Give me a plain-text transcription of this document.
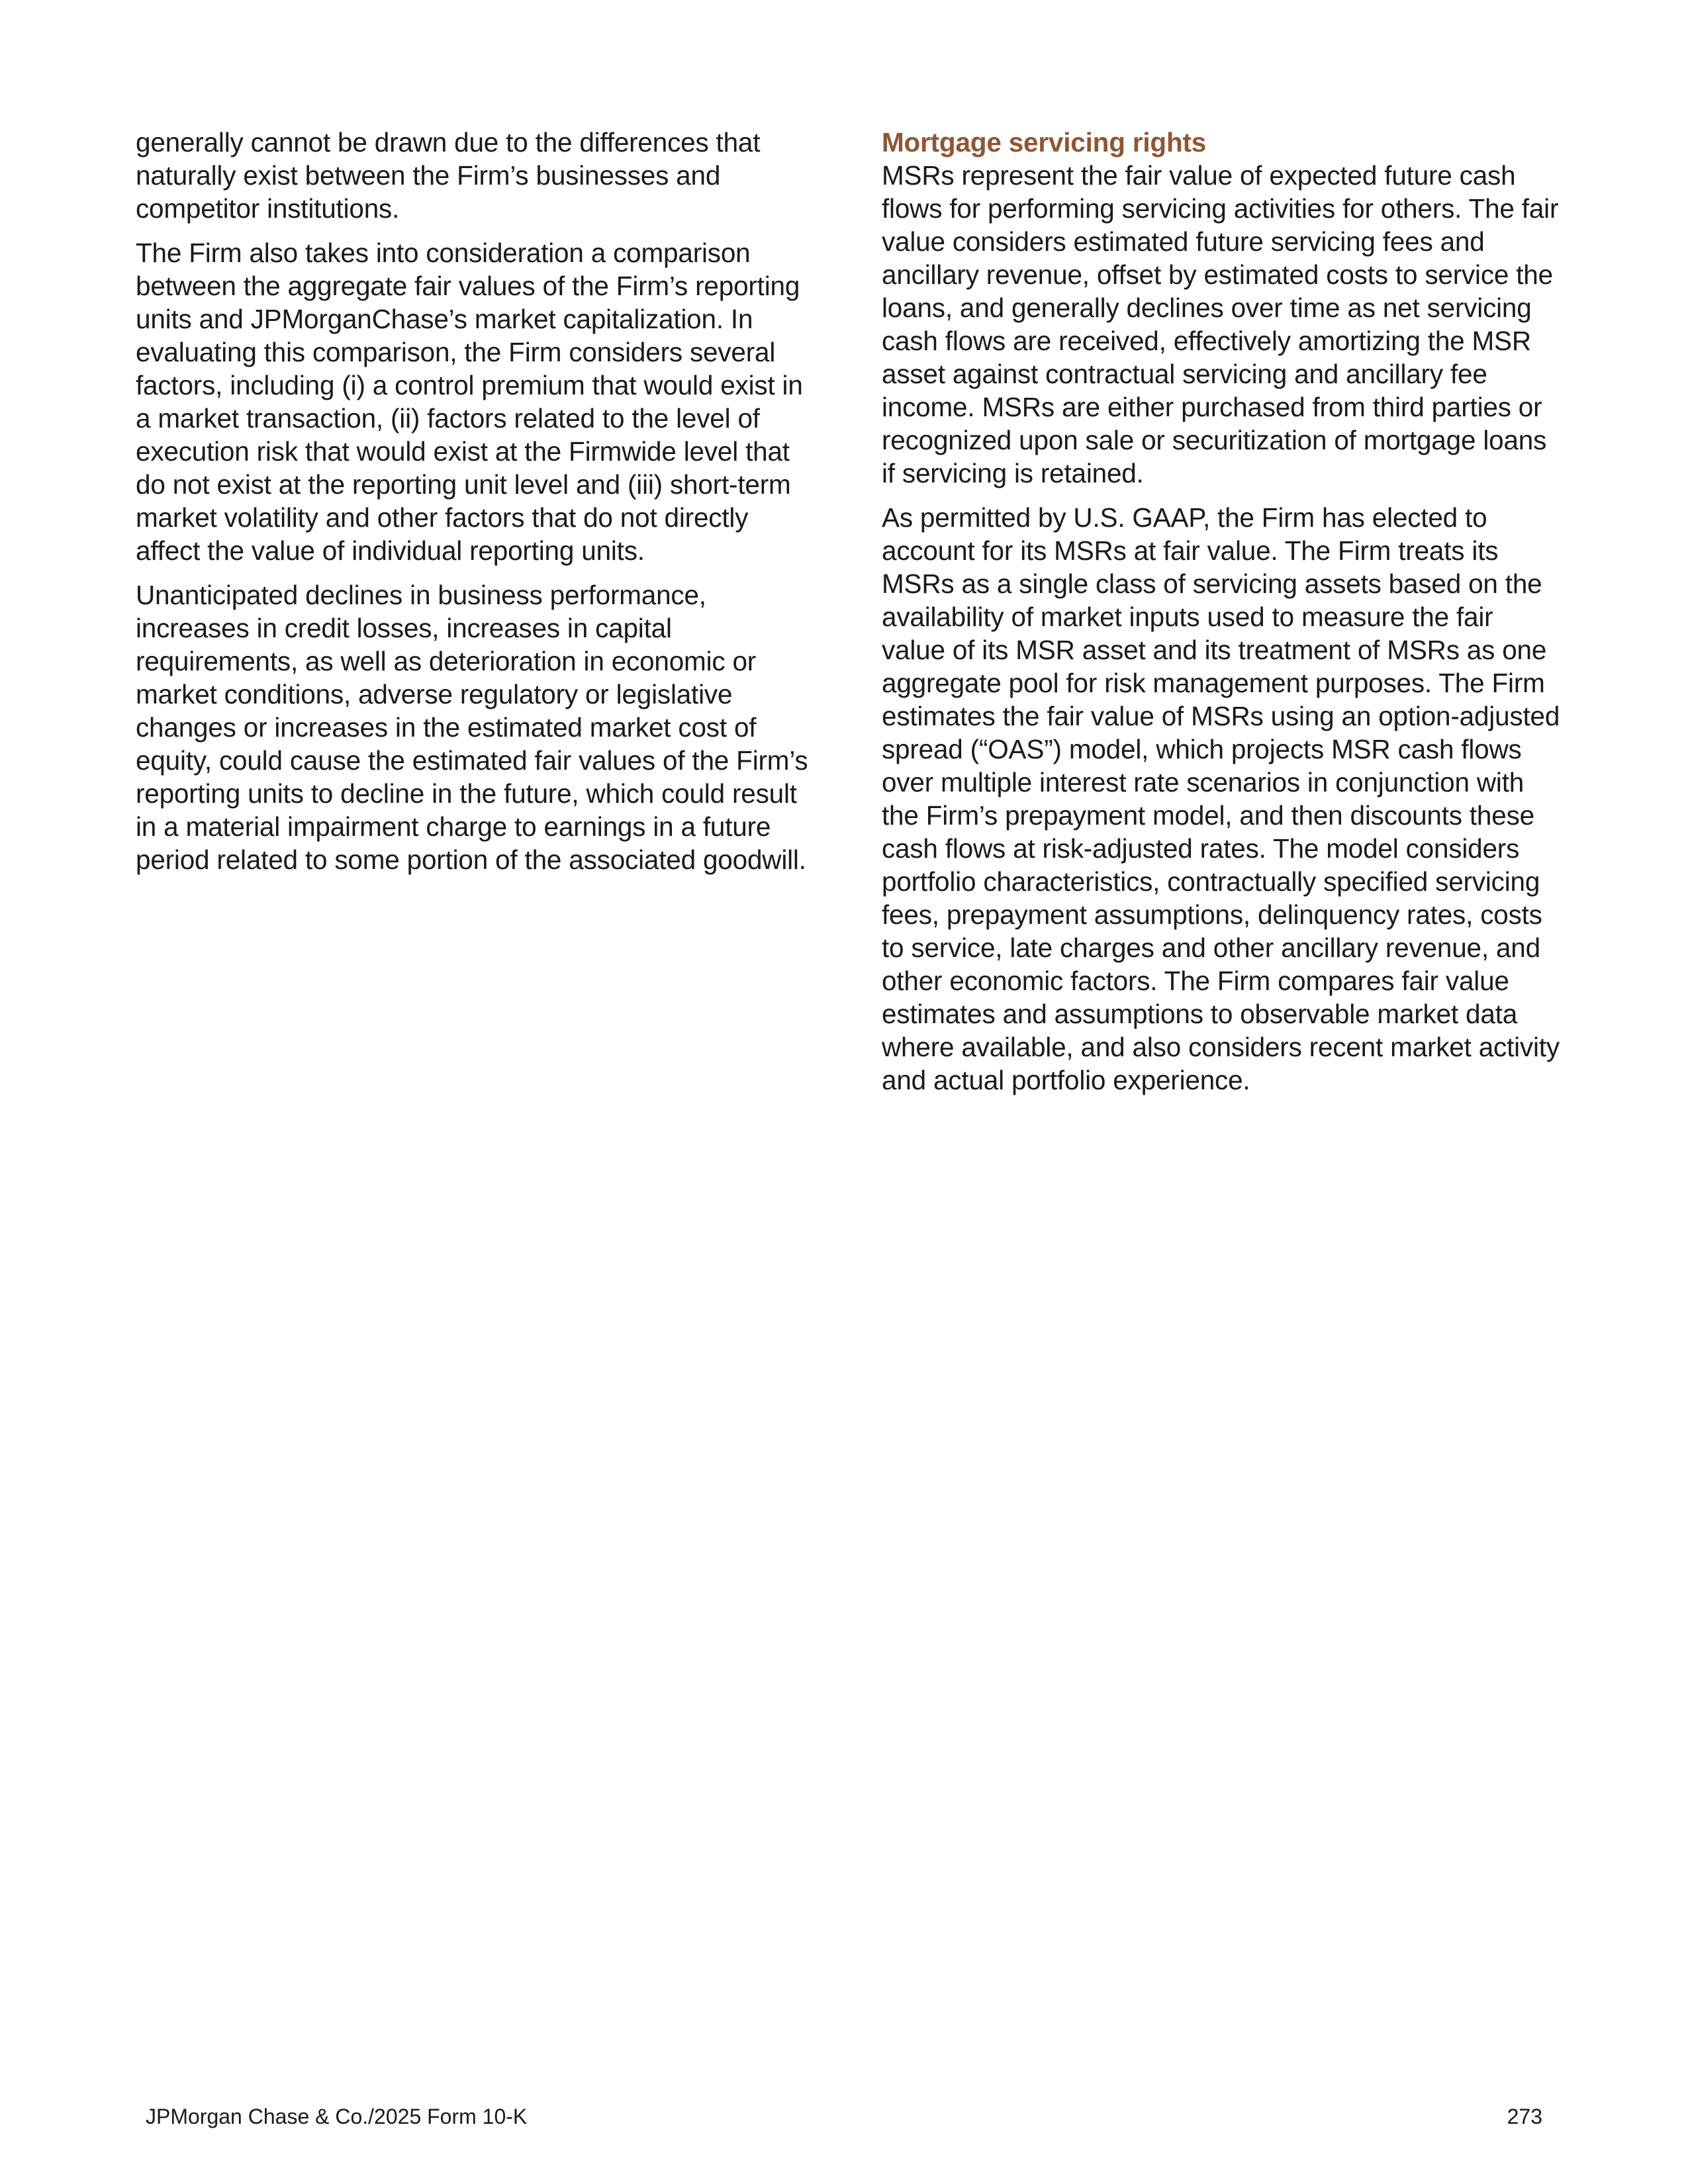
generally cannot be drawn due to the differences that naturally exist between the Firm’s businesses and competitor institutions.

The Firm also takes into consideration a comparison between the aggregate fair values of the Firm’s reporting units and JPMorganChase’s market capitalization. In evaluating this comparison, the Firm considers several factors, including (i) a control premium that would exist in a market transaction, (ii) factors related to the level of execution risk that would exist at the Firmwide level that do not exist at the reporting unit level and (iii) short-term market volatility and other factors that do not directly affect the value of individual reporting units.

Unanticipated declines in business performance, increases in credit losses, increases in capital requirements, as well as deterioration in economic or market conditions, adverse regulatory or legislative changes or increases in the estimated market cost of equity, could cause the estimated fair values of the Firm’s reporting units to decline in the future, which could result in a material impairment charge to earnings in a future period related to some portion of the associated goodwill.

Mortgage servicing rights

MSRs represent the fair value of expected future cash flows for performing servicing activities for others. The fair value considers estimated future servicing fees and ancillary revenue, offset by estimated costs to service the loans, and generally declines over time as net servicing cash flows are received, effectively amortizing the MSR asset against contractual servicing and ancillary fee income. MSRs are either purchased from third parties or recognized upon sale or securitization of mortgage loans if servicing is retained.

As permitted by U.S. GAAP, the Firm has elected to account for its MSRs at fair value. The Firm treats its MSRs as a single class of servicing assets based on the availability of market inputs used to measure the fair value of its MSR asset and its treatment of MSRs as one aggregate pool for risk management purposes. The Firm estimates the fair value of MSRs using an option-adjusted spread (“OAS”) model, which projects MSR cash flows over multiple interest rate scenarios in conjunction with the Firm’s prepayment model, and then discounts these cash flows at risk-adjusted rates. The model considers portfolio characteristics, contractually specified servicing fees, prepayment assumptions, delinquency rates, costs to service, late charges and other ancillary revenue, and other economic factors. The Firm compares fair value estimates and assumptions to observable market data where available, and also considers recent market activity and actual portfolio experience.

JPMorgan Chase & Co./2025 Form 10-K	273
